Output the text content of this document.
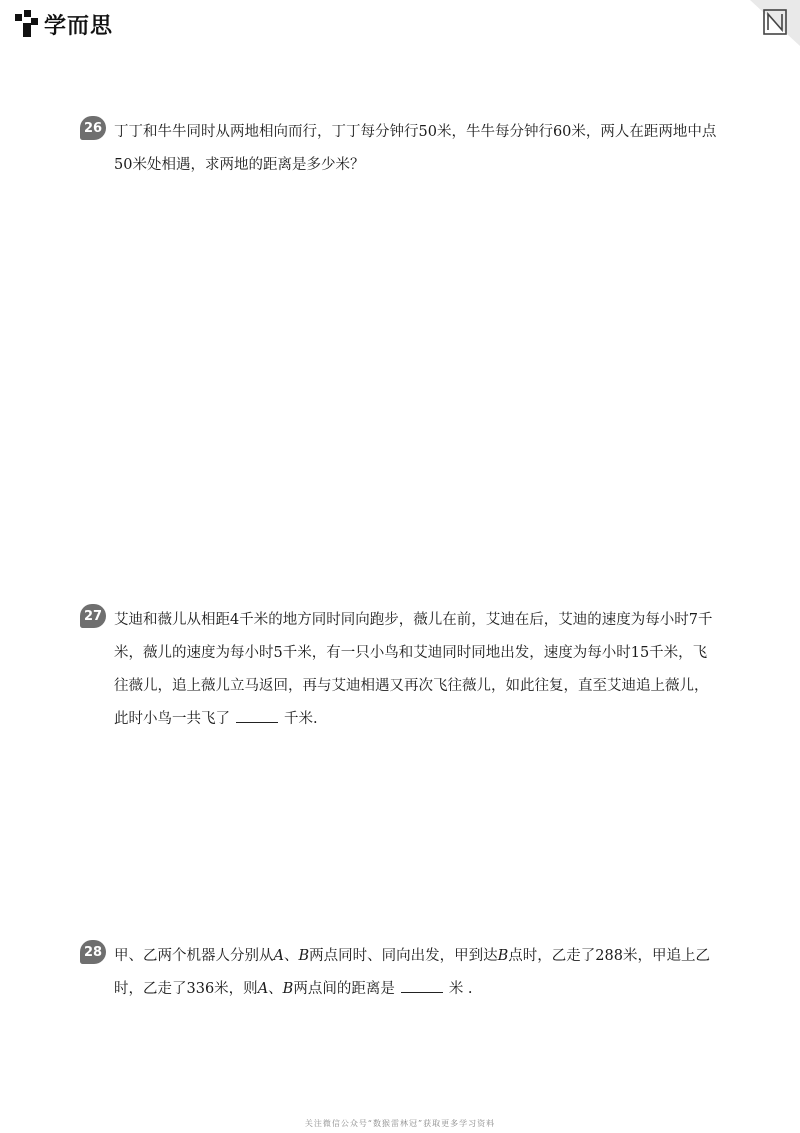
学而思
26 丁丁和牛牛同时从两地相向而行，丁丁每分钟行50米，牛牛每分钟行60米，两人在距两地中点50米处相遇，求两地的距离是多少米？

27 艾迪和薇儿从相距4千米的地方同时同向跑步，薇儿在前，艾迪在后，艾迪的速度为每小时7千米，薇儿的速度为每小时5千米，有一只小鸟和艾迪同时同地出发，速度为每小时15千米，飞往薇儿，追上薇儿立马返回，再与艾迪相遇又再次飞往薇儿，如此往复，直至艾迪追上薇儿，此时小鸟一共飞了	千米.

28 甲、乙两个机器人分别从A、B两点同时、同向出发，甲到达B点时，乙走了288米，甲追上乙时，乙走了336米，则A、B两点间的距离是	米 .

关注微信公众号“数猴雷林冠”获取更多学习资料
